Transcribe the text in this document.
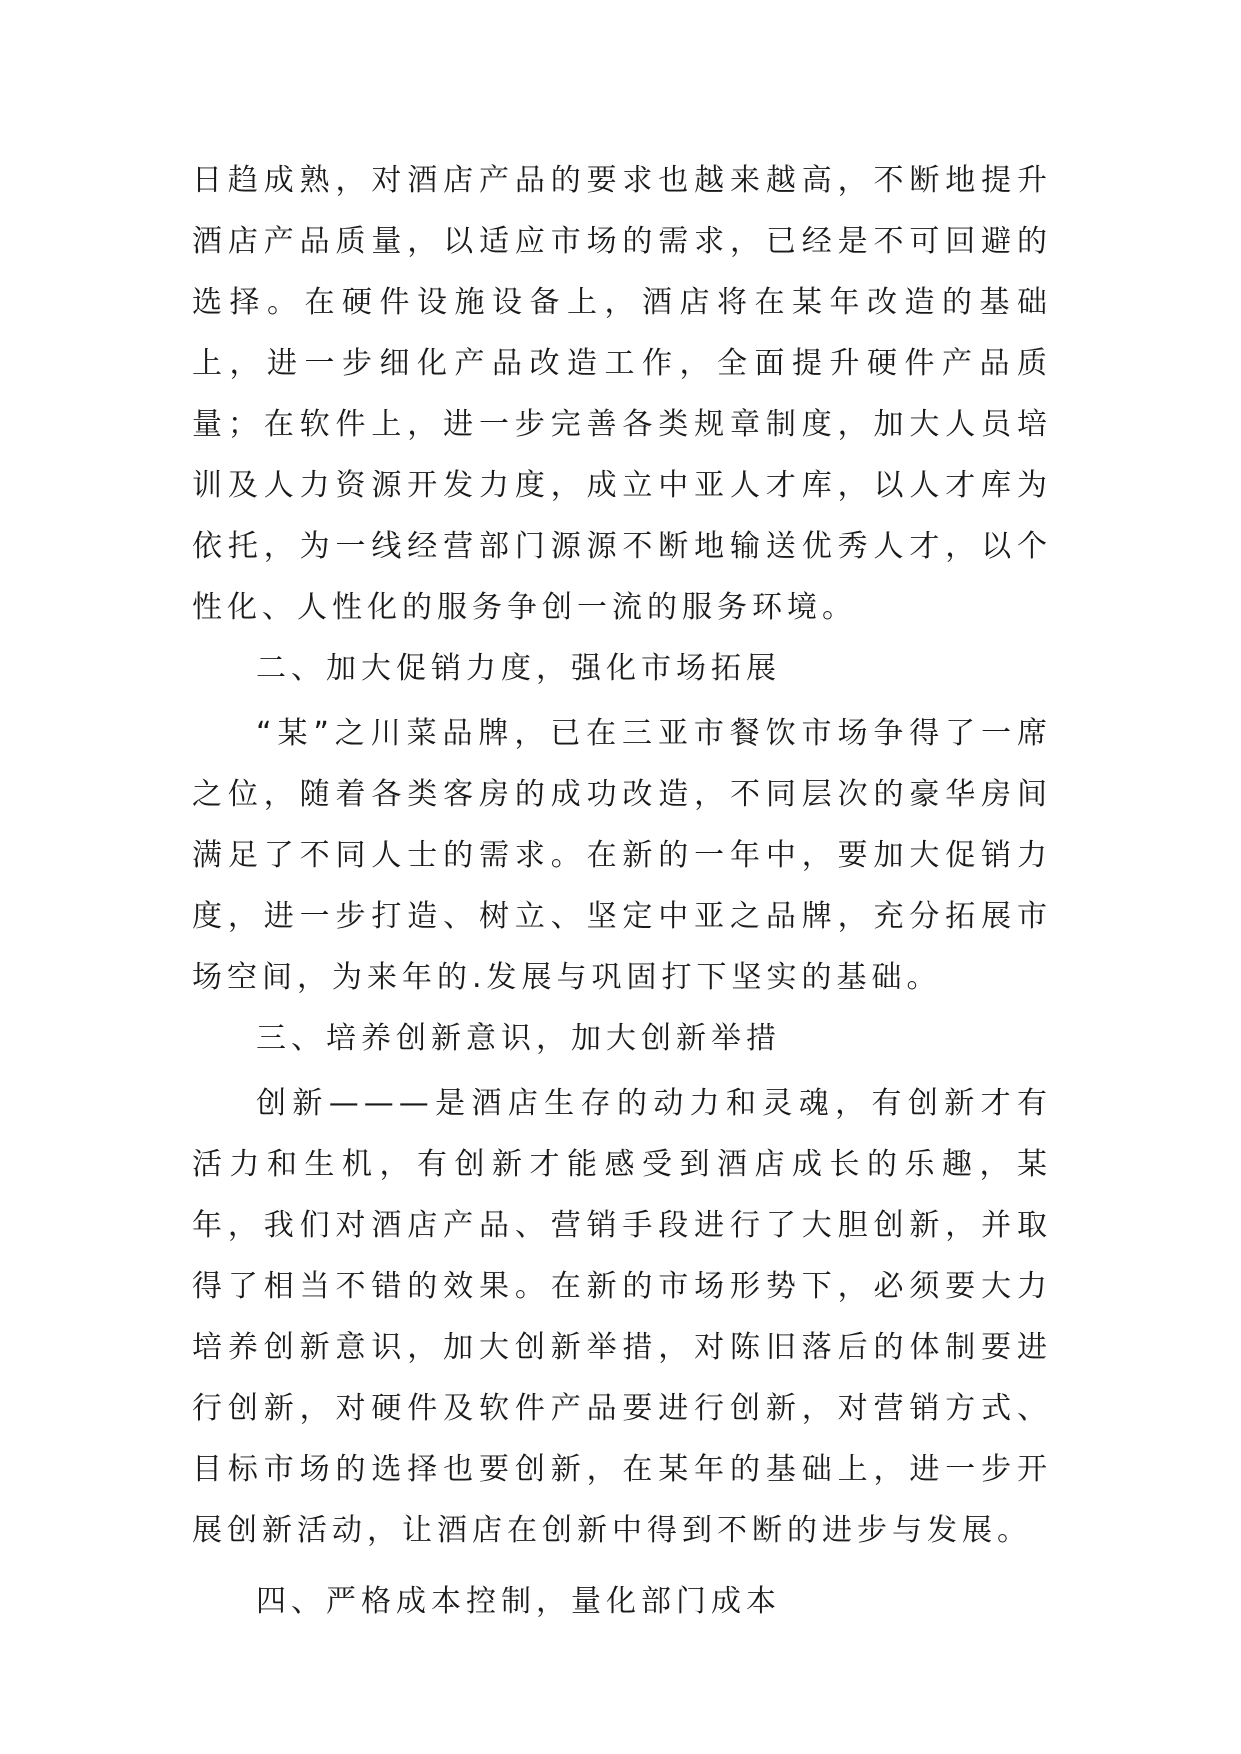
日趋成熟，对酒店产品的要求也越来越高，不断地提升酒店产品质量，以适应市场的需求，已经是不可回避的选择。在硬件设施设备上，酒店将在某年改造的基础上，进一步细化产品改造工作，全面提升硬件产品质量；在软件上，进一步完善各类规章制度，加大人员培训及人力资源开发力度，成立中亚人才库，以人才库为依托，为一线经营部门源源不断地输送优秀人才，以个性化、人性化的服务争创一流的服务环境。

二、加大促销力度，强化市场拓展

“某”之川菜品牌，已在三亚市餐饮市场争得了一席之位，随着各类客房的成功改造，不同层次的豪华房间满足了不同人士的需求。在新的一年中，要加大促销力度，进一步打造、树立、坚定中亚之品牌，充分拓展市场空间，为来年的.发展与巩固打下坚实的基础。

三、培养创新意识，加大创新举措

创新———是酒店生存的动力和灵魂，有创新才有活力和生机，有创新才能感受到酒店成长的乐趣，某年，我们对酒店产品、营销手段进行了大胆创新，并取得了相当不错的效果。在新的市场形势下，必须要大力培养创新意识，加大创新举措，对陈旧落后的体制要进行创新，对硬件及软件产品要进行创新，对营销方式、目标市场的选择也要创新，在某年的基础上，进一步开展创新活动，让酒店在创新中得到不断的进步与发展。

四、严格成本控制，量化部门成本
